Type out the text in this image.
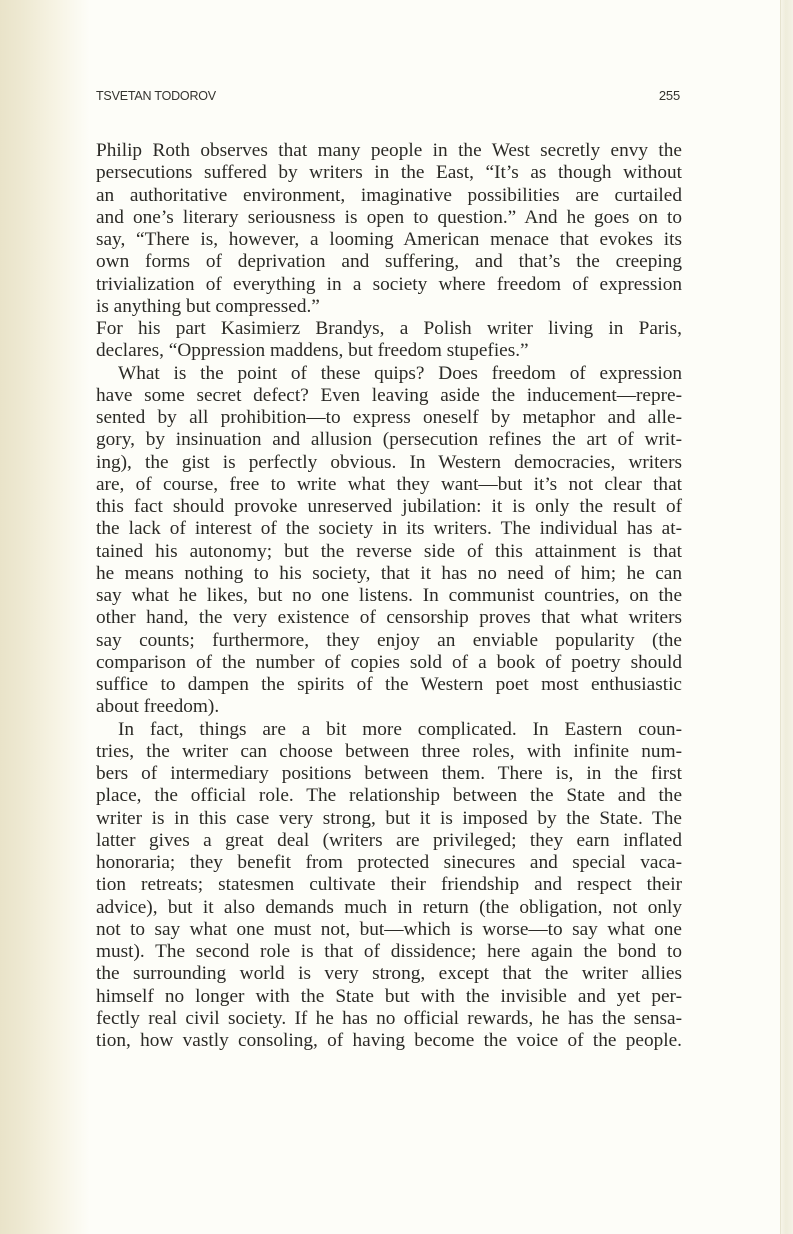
TSVETAN TODOROV	255
Philip Roth observes that many people in the West secretly envy the
persecutions suffered by writers in the East, “It’s as though without
an authoritative environment, imaginative possibilities are curtailed
and one’s literary seriousness is open to question.” And he goes on to
say, “There is, however, a looming American menace that evokes its
own forms of deprivation and suffering, and that’s the creeping
trivialization of everything in a society where freedom of expression
is anything but compressed.”
For his part Kasimierz Brandys, a Polish writer living in Paris,
declares, “Oppression maddens, but freedom stupefies.”
What is the point of these quips? Does freedom of expression
have some secret defect? Even leaving aside the inducement—repre-
sented by all prohibition—to express oneself by metaphor and alle-
gory, by insinuation and allusion (persecution refines the art of writ-
ing), the gist is perfectly obvious. In Western democracies, writers
are, of course, free to write what they want—but it’s not clear that
this fact should provoke unreserved jubilation: it is only the result of
the lack of interest of the society in its writers. The individual has at-
tained his autonomy; but the reverse side of this attainment is that
he means nothing to his society, that it has no need of him; he can
say what he likes, but no one listens. In communist countries, on the
other hand, the very existence of censorship proves that what writers
say counts; furthermore, they enjoy an enviable popularity (the
comparison of the number of copies sold of a book of poetry should
suffice to dampen the spirits of the Western poet most enthusiastic
about freedom).
In fact, things are a bit more complicated. In Eastern coun-
tries, the writer can choose between three roles, with infinite num-
bers of intermediary positions between them. There is, in the first
place, the official role. The relationship between the State and the
writer is in this case very strong, but it is imposed by the State. The
latter gives a great deal (writers are privileged; they earn inflated
honoraria; they benefit from protected sinecures and special vaca-
tion retreats; statesmen cultivate their friendship and respect their
advice), but it also demands much in return (the obligation, not only
not to say what one must not, but—which is worse—to say what one
must). The second role is that of dissidence; here again the bond to
the surrounding world is very strong, except that the writer allies
himself no longer with the State but with the invisible and yet per-
fectly real civil society. If he has no official rewards, he has the sensa-
tion, how vastly consoling, of having become the voice of the people.
